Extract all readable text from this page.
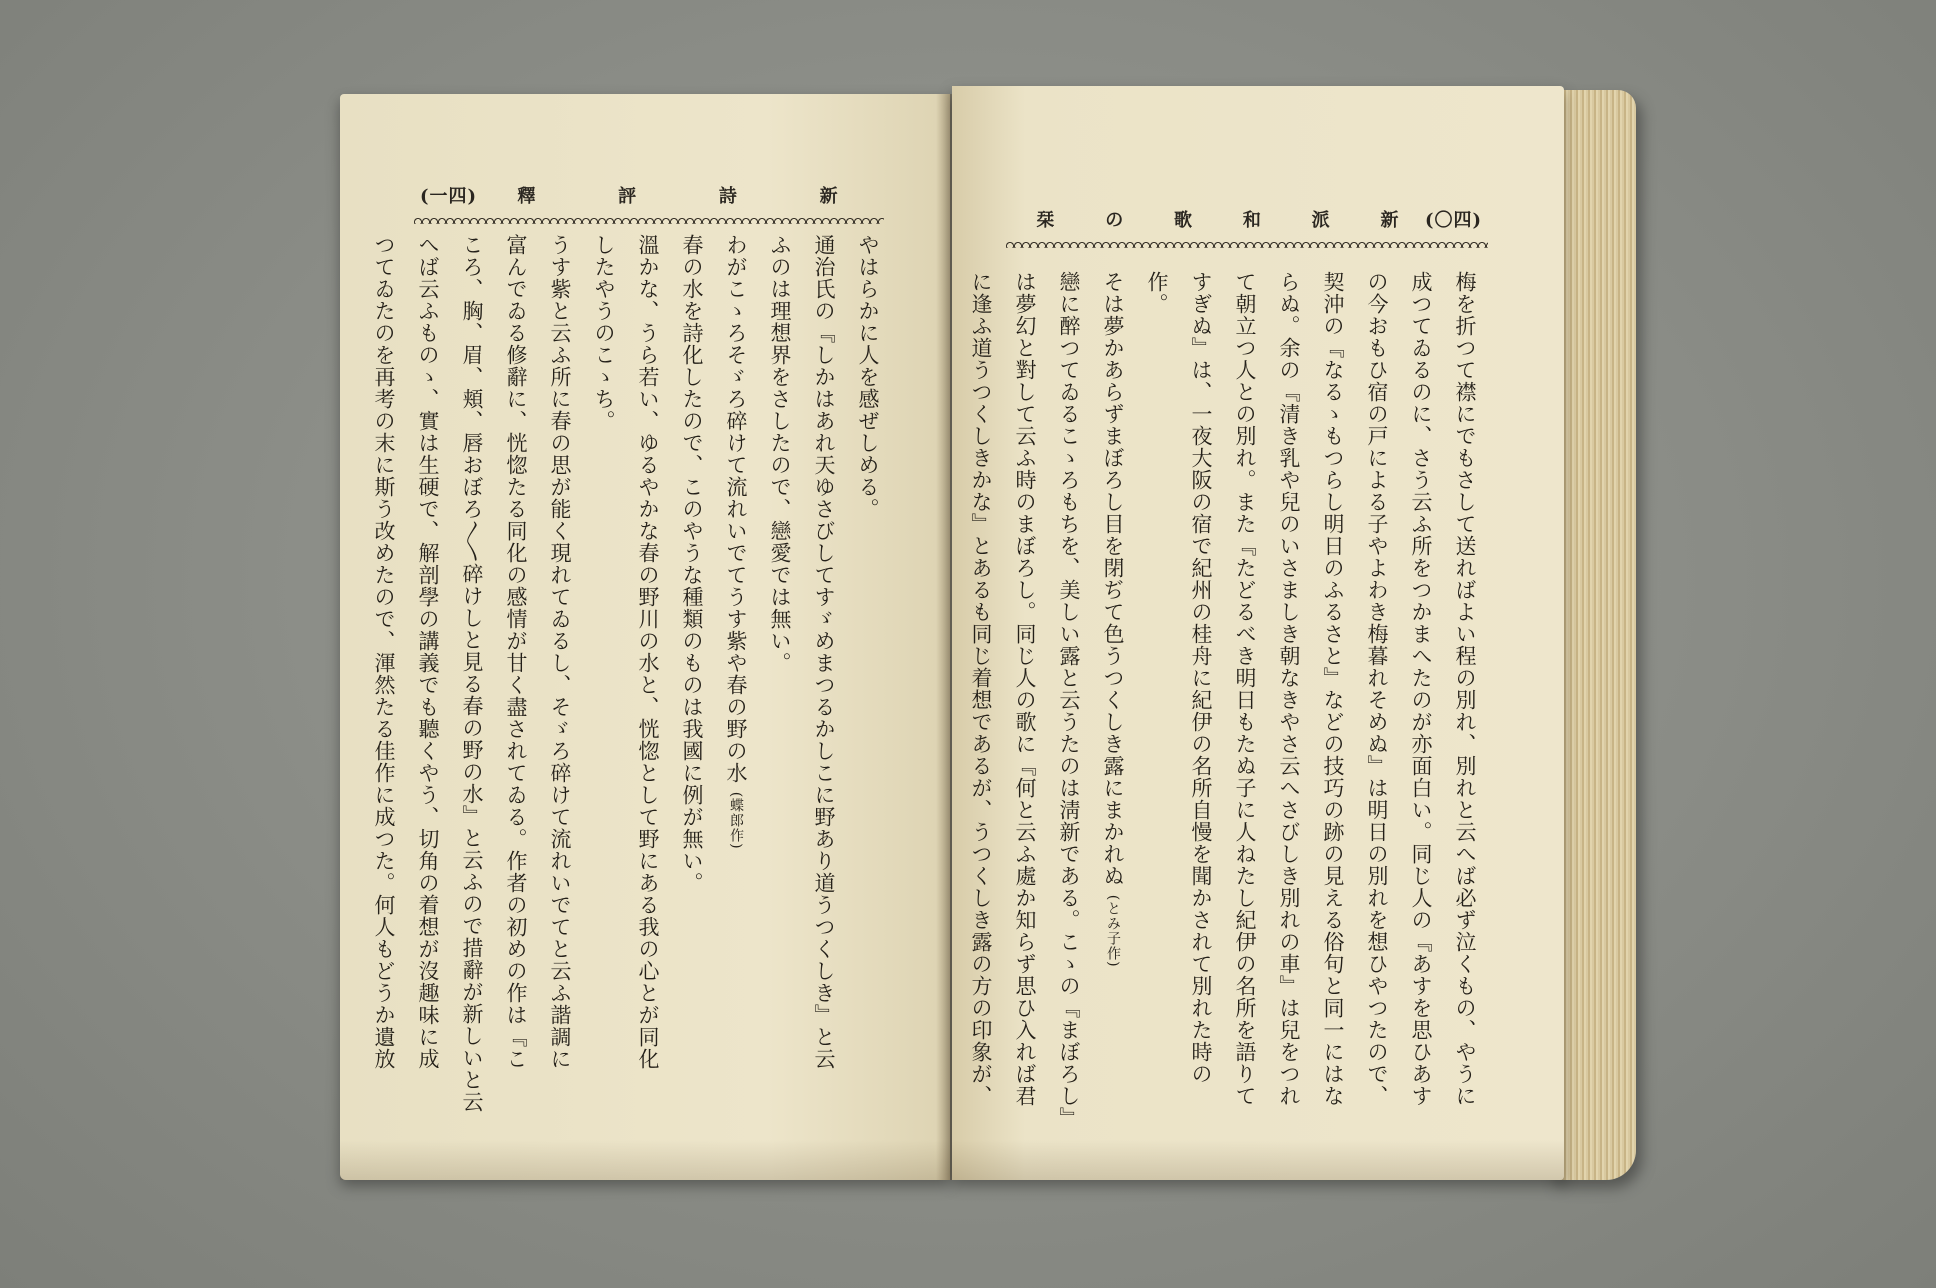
(一四) 釋	評	詩	新

やはらかに人を感ぜしめる。

通治氏の『しかはあれ天ゆさびしてすゞめまつるかしこに野あり道うつくしき』と云

ふのは理想界をさしたので、戀愛では無い。

わがこゝろそゞろ碎けて流れいでてうす紫や春の野の水 (蝶郎作)

春の水を詩化したので、このやうな種類のものは我國に例が無い。

溫かな、うら若い、ゆるやかな春の野川の水と、恍惚として野にある我の心とが同化

したやうのこゝち。

うす紫と云ふ所に春の思が能く現れてゐるし、そゞろ碎けて流れいでてと云ふ諧調に

富んでゐる修辭に、恍惚たる同化の感情が甘く盡されてゐる。作者の初めの作は『こ

ころ、胸、眉、頬、唇おぼろ〳〵碎けしと見る春の野の水』と云ふので措辭が新しいと云

へば云ふものゝ、實は生硬で、解剖學の講義でも聽くやう、切角の着想が沒趣味に成

つてゐたのを再考の末に斯う改めたので、渾然たる佳作に成つた。何人もどうか遺放

栞	の	歌	和	派	新 (〇四)

梅を折つて襟にでもさして送ればよい程の別れ、別れと云へば必ず泣くもの、やうに

成つてゐるのに、さう云ふ所をつかまへたのが亦面白い。同じ人の『あすを思ひあす

の今おもひ宿の戸による子やよわき梅暮れそめぬ』は明日の別れを想ひやつたので、

契沖の『なるゝもつらし明日のふるさと』などの技巧の跡の見える俗句と同一にはな

らぬ。余の『清き乳や兒のいさましき朝なきやさ云へさびしき別れの車』は兒をつれ

て朝立つ人との別れ。また『たどるべき明日もたぬ子に人ねたし紀伊の名所を語りて

すぎぬ』は、一夜大阪の宿で紀州の桂舟に紀伊の名所自慢を聞かされて別れた時の

作。

そは夢かあらずまぼろし目を閉ぢて色うつくしき露にまかれぬ (とみ子作)

戀に醉つてゐるこゝろもちを、美しい露と云うたのは淸新である。こゝの『まぼろし』

は夢幻と對して云ふ時のまぼろし。同じ人の歌に『何と云ふ處か知らず思ひ入れば君

に逢ふ道うつくしきかな』とあるも同じ着想であるが、うつくしき露の方の印象が、
